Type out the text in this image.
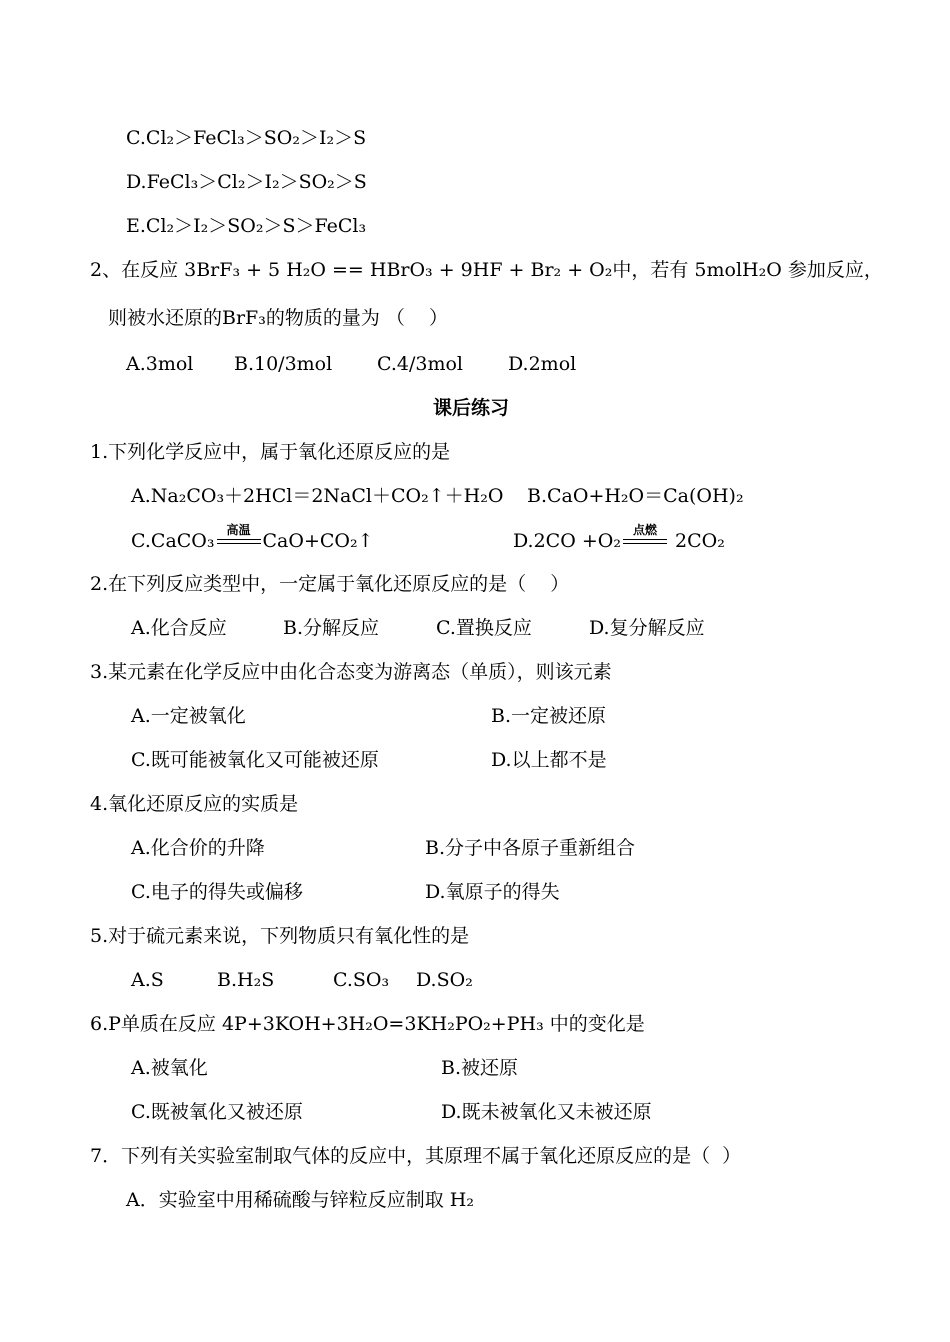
C.Cl₂＞FeCl₃＞SO₂＞I₂＞S
D.FeCl₃＞Cl₂＞I₂＞SO₂＞S
E.Cl₂＞I₂＞SO₂＞S＞FeCl₃
2、在反应 3BrF₃ + 5 H₂O == HBrO₃ + 9HF + Br₂ + O₂中，若有 5molH₂O 参加反应，
则被水还原的BrF₃的物质的量为 （    ）
A.3mol B.10/3mol C.4/3mol D.2mol
课后练习
1.下列化学反应中，属于氧化还原反应的是
A.Na₂CO₃＋2HCl＝2NaCl＋CO₂↑＋H₂O B.CaO+H₂O＝Ca(OH)₂
C.CaCO₃ 高温 CaO+CO₂↑	D.2CO +O₂ 点燃 2CO₂
2.在下列反应类型中，一定属于氧化还原反应的是（    ）
A.化合反应	B.分解反应	C.置换反应	D.复分解反应
3.某元素在化学反应中由化合态变为游离态（单质），则该元素
A.一定被氧化	B.一定被还原
C.既可能被氧化又可能被还原	D.以上都不是
4.氧化还原反应的实质是
A.化合价的升降	B.分子中各原子重新组合
C.电子的得失或偏移	D.氧原子的得失
5.对于硫元素来说，下列物质只有氧化性的是
A.S	B.H₂S	C.SO₃ D.SO₂
6.P单质在反应 4P+3KOH+3H₂O=3KH₂PO₂+PH₃ 中的变化是
A.被氧化	B.被还原
C.既被氧化又被还原	D.既未被氧化又未被还原
7．下列有关实验室制取气体的反应中，其原理不属于氧化还原反应的是（  ）
A．实验室中用稀硫酸与锌粒反应制取 H₂
